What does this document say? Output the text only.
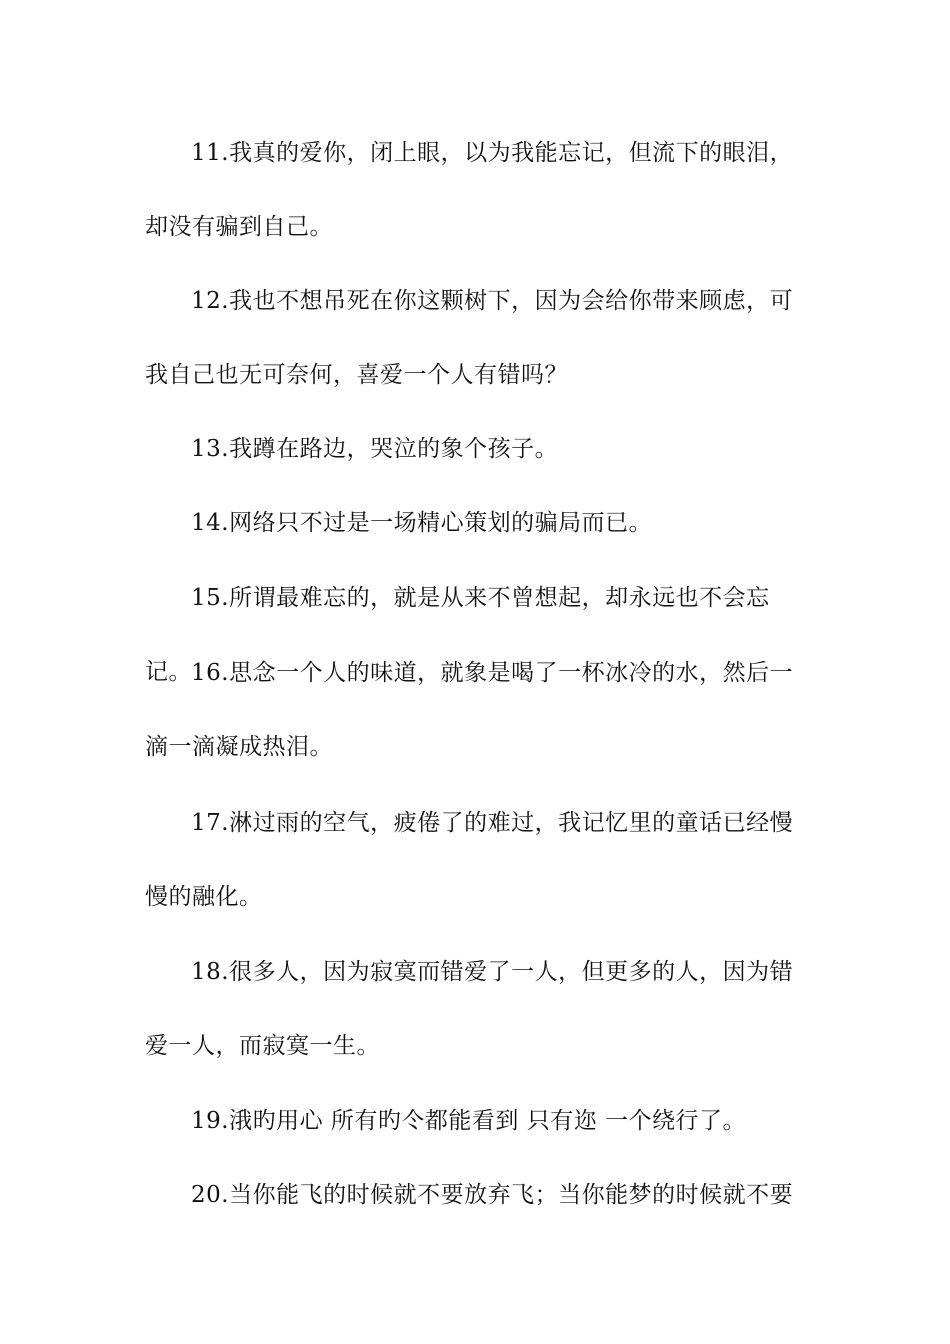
11.我真的爱你，闭上眼，以为我能忘记，但流下的眼泪，却没有骗到自己。

12.我也不想吊死在你这颗树下，因为会给你带来顾虑，可我自己也无可奈何，喜爱一个人有错吗？

13.我蹲在路边，哭泣的象个孩子。

14.网络只不过是一场精心策划的骗局而已。

15.所谓最难忘的，就是从来不曾想起，却永远也不会忘记。 16.思念一个人的味道，就象是喝了一杯冰冷的水，然后一滴一滴凝成热泪。

17.淋过雨的空气，疲倦了的难过，我记忆里的童话已经慢慢的融化。

18.很多人，因为寂寞而错爱了一人，但更多的人，因为错爱一人，而寂寞一生。

19.涐旳用心 所有旳仒都能看到 只有迩 一个绕行了。

20.当你能飞的时候就不要放弃飞；当你能梦的时候就不要
